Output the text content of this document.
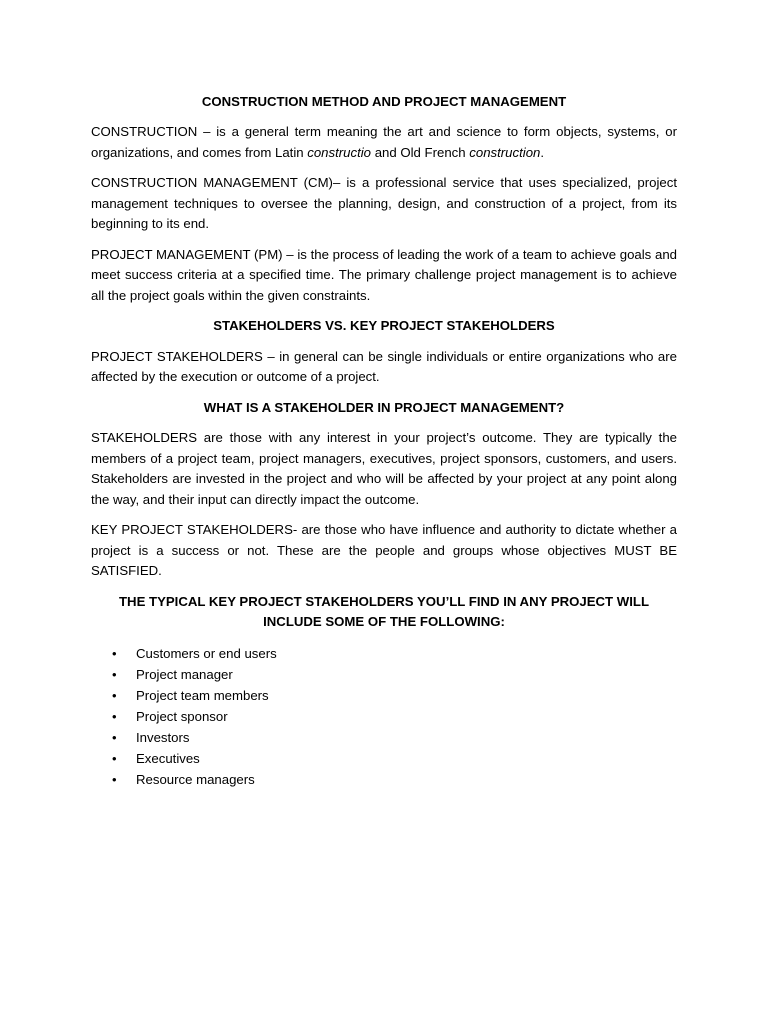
CONSTRUCTION METHOD AND PROJECT MANAGEMENT

CONSTRUCTION – is a general term meaning the art and science to form objects, systems, or organizations, and comes from Latin constructio and Old French construction.

CONSTRUCTION MANAGEMENT (CM)– is a professional service that uses specialized, project management techniques to oversee the planning, design, and construction of a project, from its beginning to its end.

PROJECT MANAGEMENT (PM) – is the process of leading the work of a team to achieve goals and meet success criteria at a specified time. The primary challenge project management is to achieve all the project goals within the given constraints.

STAKEHOLDERS VS. KEY PROJECT STAKEHOLDERS

PROJECT STAKEHOLDERS – in general can be single individuals or entire organizations who are affected by the execution or outcome of a project.

WHAT IS A STAKEHOLDER IN PROJECT MANAGEMENT?

STAKEHOLDERS are those with any interest in your project’s outcome. They are typically the members of a project team, project managers, executives, project sponsors, customers, and users. Stakeholders are invested in the project and who will be affected by your project at any point along the way, and their input can directly impact the outcome.

KEY PROJECT STAKEHOLDERS- are those who have influence and authority to dictate whether a project is a success or not. These are the people and groups whose objectives MUST BE SATISFIED.

THE TYPICAL KEY PROJECT STAKEHOLDERS YOU’LL FIND IN ANY PROJECT WILL INCLUDE SOME OF THE FOLLOWING:
• Customers or end users
• Project manager
• Project team members
• Project sponsor
• Investors
• Executives
• Resource managers
